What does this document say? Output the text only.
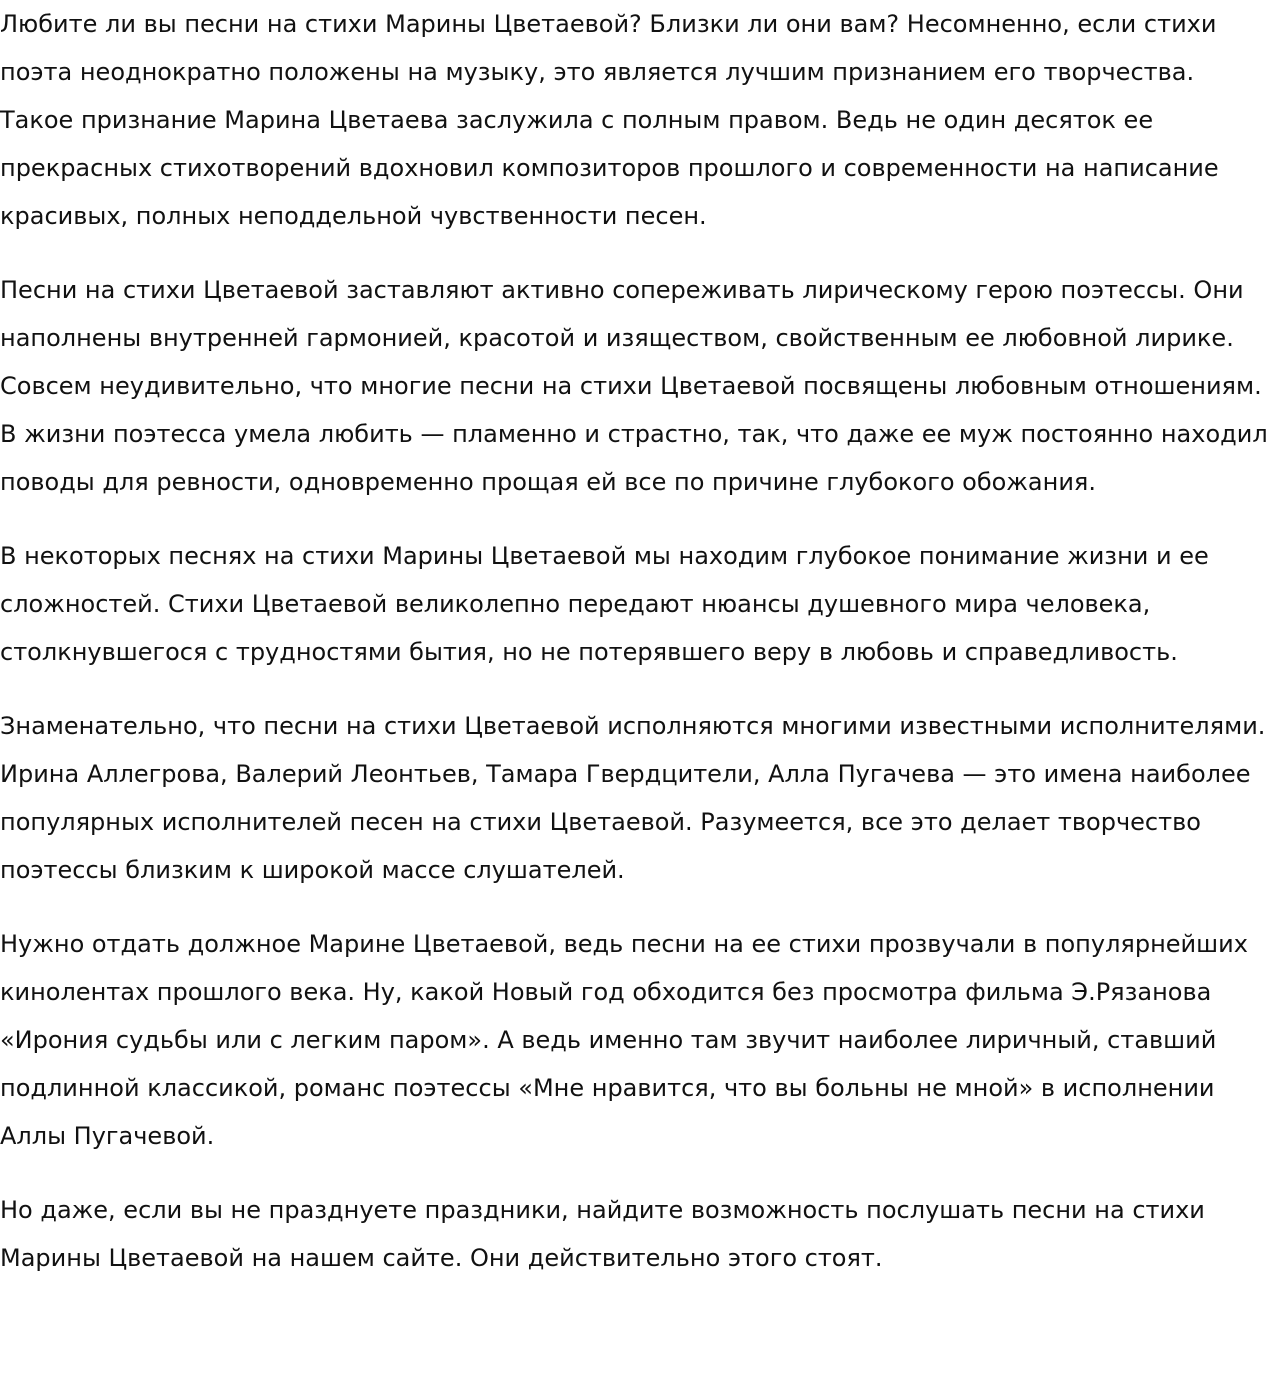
Любите ли вы песни на стихи Марины Цветаевой? Близки ли они вам? Несомненно, если стихи поэта неоднократно положены на музыку, это является лучшим признанием его творчества. Такое признание Марина Цветаева заслужила с полным правом. Ведь не один десяток ее прекрасных стихотворений вдохновил композиторов прошлого и современности на написание красивых, полных неподдельной чувственности песен.

Песни на стихи Цветаевой заставляют активно сопереживать лирическому герою поэтессы. Они наполнены внутренней гармонией, красотой и изяществом, свойственным ее любовной лирике. Совсем неудивительно, что многие песни на стихи Цветаевой посвящены любовным отношениям. В жизни поэтесса умела любить — пламенно и страстно, так, что даже ее муж постоянно находил поводы для ревности, одновременно прощая ей все по причине глубокого обожания.

В некоторых песнях на стихи Марины Цветаевой мы находим глубокое понимание жизни и ее сложностей. Стихи Цветаевой великолепно передают нюансы душевного мира человека, столкнувшегося с трудностями бытия, но не потерявшего веру в любовь и справедливость.

Знаменательно, что песни на стихи Цветаевой исполняются многими известными исполнителями. Ирина Аллегрова, Валерий Леонтьев, Тамара Гвердцители, Алла Пугачева — это имена наиболее популярных исполнителей песен на стихи Цветаевой. Разумеется, все это делает творчество поэтессы близким к широкой массе слушателей.

Нужно отдать должное Марине Цветаевой, ведь песни на ее стихи прозвучали в популярнейших кинолентах прошлого века. Ну, какой Новый год обходится без просмотра фильма Э.Рязанова «Ирония судьбы или с легким паром». А ведь именно там звучит наиболее лиричный, ставший подлинной классикой, романс поэтессы «Мне нравится, что вы больны не мной» в исполнении Аллы Пугачевой.

Но даже, если вы не празднуете праздники, найдите возможность послушать песни на стихи Марины Цветаевой на нашем сайте. Они действительно этого стоят.
